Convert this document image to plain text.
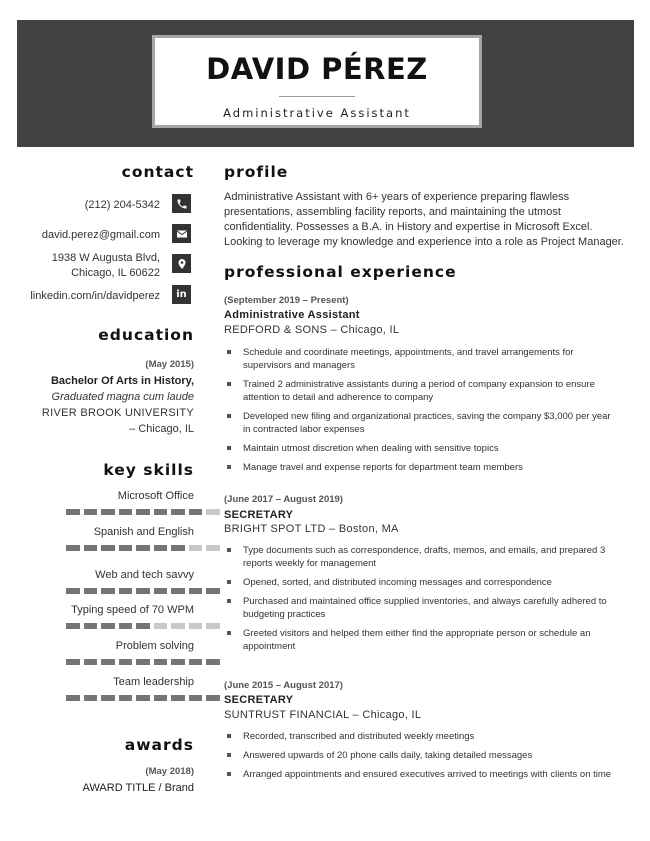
DAVID PÉREZ
Administrative Assistant
contact
(212) 204-5342
david.perez@gmail.com
1938 W Augusta Blvd,
Chicago, IL 60622
linkedin.com/in/davidperez in
education
(May 2015)
Bachelor Of Arts in History,
Graduated magna cum laude
RIVER BROOK UNIVERSITY
– Chicago, IL
key skills
Microsoft Office
Spanish and English
Web and tech savvy
Typing speed of 70 WPM
Problem solving
Team leadership
awards
(May 2018)
AWARD TITLE / Brand
profile
Administrative Assistant with 6+ years of experience preparing flawless presentations, assembling facility reports, and maintaining the utmost confidentiality. Possesses a B.A. in History and expertise in Microsoft Excel. Looking to leverage my knowledge and experience into a role as Project Manager.
professional experience
(September 2019 – Present)
Administrative Assistant
REDFORD & SONS – Chicago, IL
Schedule and coordinate meetings, appointments, and travel arrangements for supervisors and managers
Trained 2 administrative assistants during a period of company expansion to ensure attention to detail and adherence to company
Developed new filing and organizational practices, saving the company $3,000 per year in contracted labor expenses
Maintain utmost discretion when dealing with sensitive topics
Manage travel and expense reports for department team members
(June 2017 – August 2019)
SECRETARY
BRIGHT SPOT LTD – Boston, MA
Type documents such as correspondence, drafts, memos, and emails, and prepared 3 reports weekly for management
Opened, sorted, and distributed incoming messages and correspondence
Purchased and maintained office supplied inventories, and always carefully adhered to budgeting practices
Greeted visitors and helped them either find the appropriate person or schedule an appointment
(June 2015 – August 2017)
SECRETARY
SUNTRUST FINANCIAL – Chicago, IL
Recorded, transcribed and distributed weekly meetings
Answered upwards of 20 phone calls daily, taking detailed messages
Arranged appointments and ensured executives arrived to meetings with clients on time
